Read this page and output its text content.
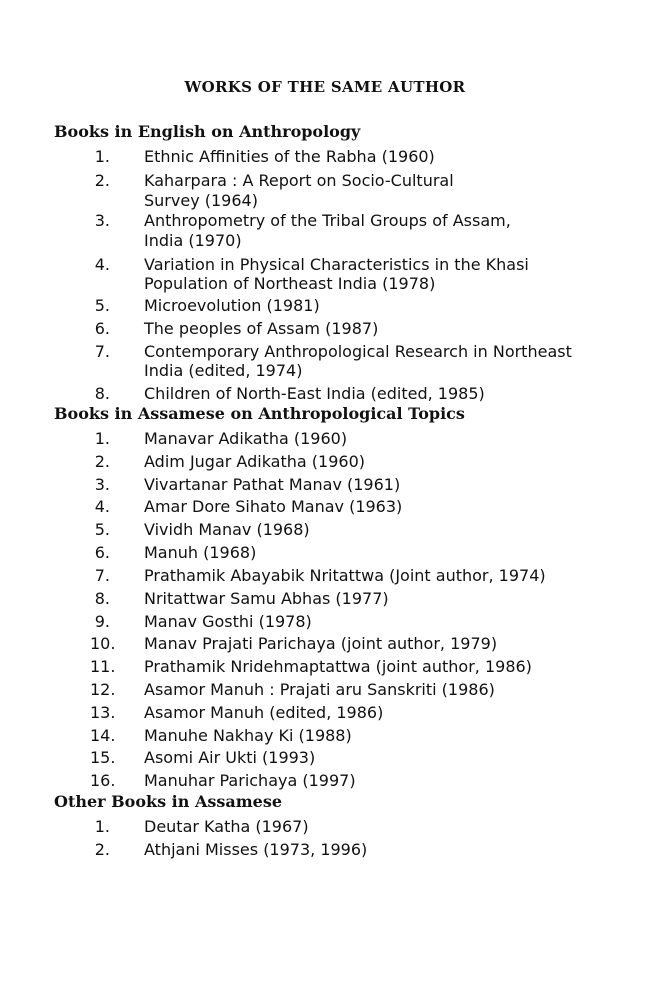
WORKS OF THE SAME AUTHOR
Books in English on Anthropology
1. Ethnic Affinities of the Rabha (1960)
2. Kaharpara : A Report on Socio-Cultural
Survey (1964)
3. Anthropometry of the Tribal Groups of Assam,
India (1970)
4. Variation in Physical Characteristics in the Khasi
Population of Northeast India (1978)
5. Microevolution (1981)
6. The peoples of Assam (1987)
7. Contemporary Anthropological Research in Northeast
India (edited, 1974)
8. Children of North-East India (edited, 1985)
Books in Assamese on Anthropological Topics
1. Manavar Adikatha (1960)
2. Adim Jugar Adikatha (1960)
3. Vivartanar Pathat Manav (1961)
4. Amar Dore Sihato Manav (1963)
5. Vividh Manav (1968)
6. Manuh (1968)
7. Prathamik Abayabik Nritattwa (Joint author, 1974)
8. Nritattwar Samu Abhas (1977)
9. Manav Gosthi (1978)
10. Manav Prajati Parichaya (joint author, 1979)
11. Prathamik Nridehmaptattwa (joint author, 1986)
12. Asamor Manuh : Prajati aru Sanskriti (1986)
13. Asamor Manuh (edited, 1986)
14. Manuhe Nakhay Ki (1988)
15. Asomi Air Ukti (1993)
16. Manuhar Parichaya (1997)
Other Books in Assamese
1. Deutar Katha (1967)
2. Athjani Misses (1973, 1996)
